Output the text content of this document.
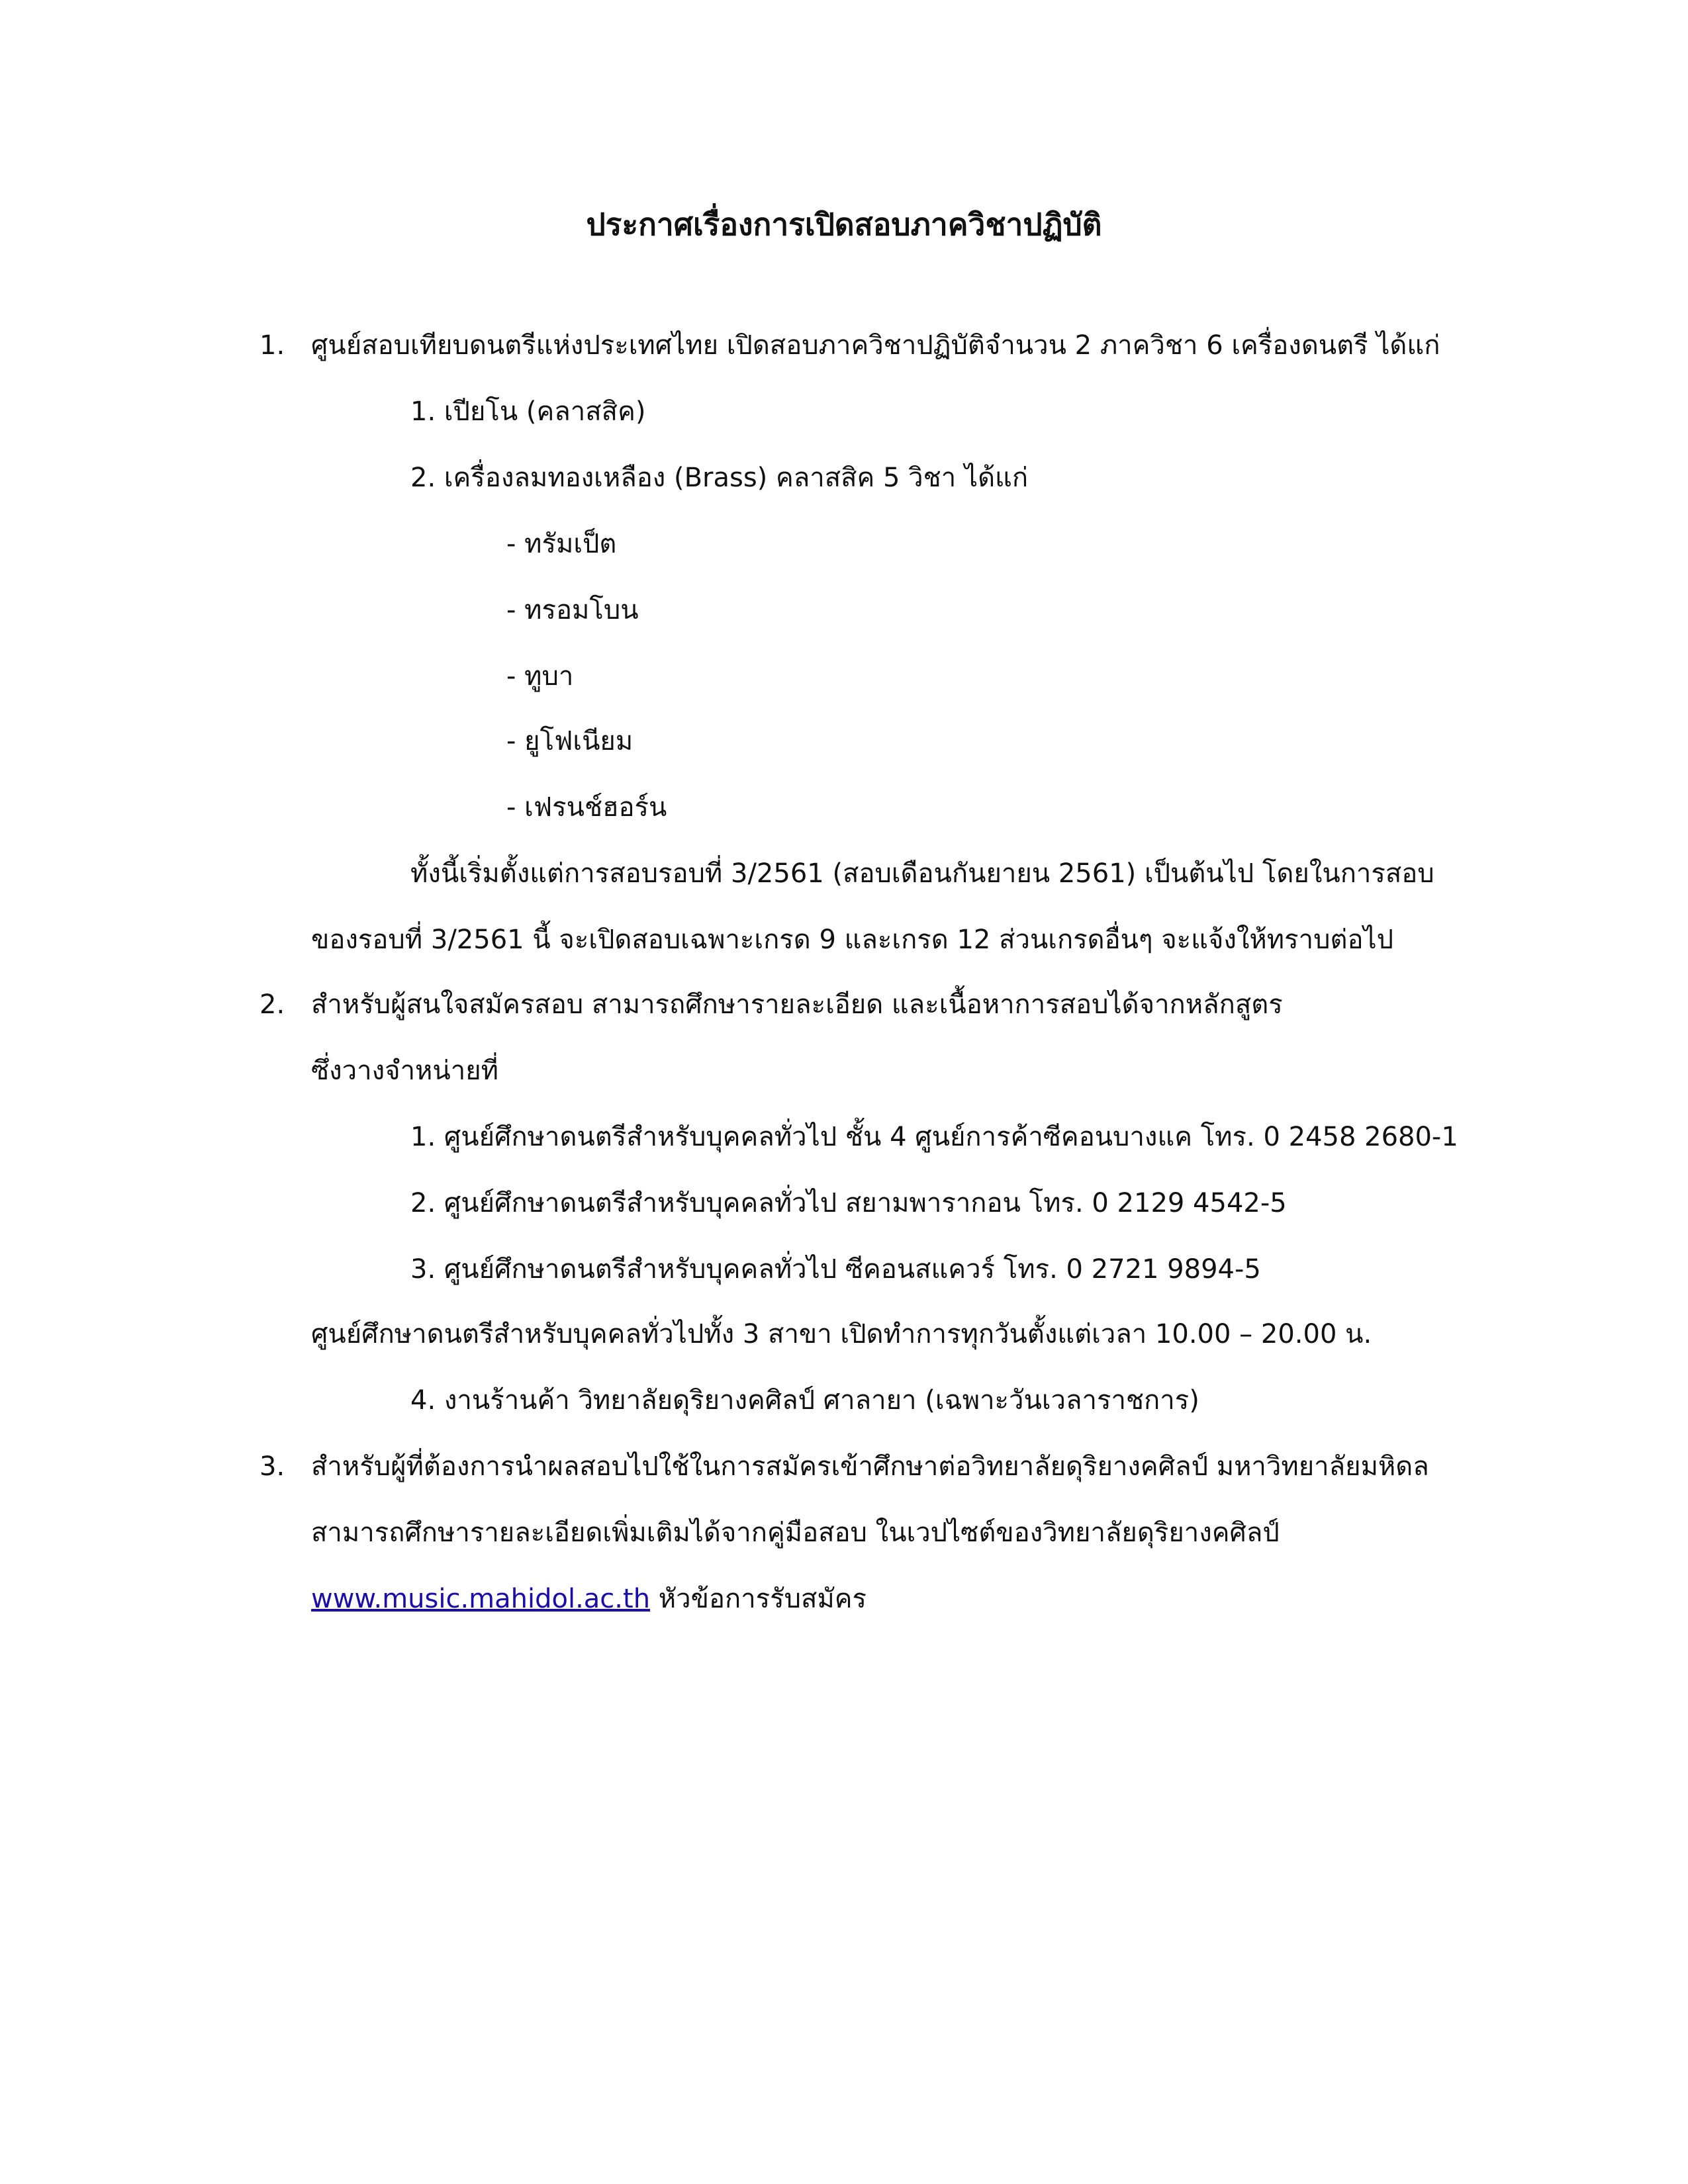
ประกาศเรื่องการเปิดสอบภาควิชาปฏิบัติ
1. ศูนย์สอบเทียบดนตรีแห่งประเทศไทย เปิดสอบภาควิชาปฏิบัติจำนวน 2 ภาควิชา 6 เครื่องดนตรี ได้แก่
1. เปียโน (คลาสสิค)
2. เครื่องลมทองเหลือง (Brass) คลาสสิค 5 วิชา ได้แก่
- ทรัมเป็ต
- ทรอมโบน
- ทูบา
- ยูโฟเนียม
- เฟรนช์ฮอร์น
ทั้งนี้เริ่มตั้งแต่การสอบรอบที่ 3/2561 (สอบเดือนกันยายน 2561) เป็นต้นไป โดยในการสอบ
ของรอบที่ 3/2561 นี้ จะเปิดสอบเฉพาะเกรด 9 และเกรด 12 ส่วนเกรดอื่นๆ จะแจ้งให้ทราบต่อไป
2. สำหรับผู้สนใจสมัครสอบ สามารถศึกษารายละเอียด และเนื้อหาการสอบได้จากหลักสูตร
ซึ่งวางจำหน่ายที่
1. ศูนย์ศึกษาดนตรีสำหรับบุคคลทั่วไป ชั้น 4 ศูนย์การค้าซีคอนบางแค โทร. 0 2458 2680-1
2. ศูนย์ศึกษาดนตรีสำหรับบุคคลทั่วไป สยามพารากอน โทร. 0 2129 4542-5
3. ศูนย์ศึกษาดนตรีสำหรับบุคคลทั่วไป ซีคอนสแควร์ โทร. 0 2721 9894-5
ศูนย์ศึกษาดนตรีสำหรับบุคคลทั่วไปทั้ง 3 สาขา เปิดทำการทุกวันตั้งแต่เวลา 10.00 – 20.00 น.
4. งานร้านค้า วิทยาลัยดุริยางคศิลป์ ศาลายา (เฉพาะวันเวลาราชการ)
3. สำหรับผู้ที่ต้องการนำผลสอบไปใช้ในการสมัครเข้าศึกษาต่อวิทยาลัยดุริยางคศิลป์ มหาวิทยาลัยมหิดล
สามารถศึกษารายละเอียดเพิ่มเติมได้จากคู่มือสอบ ในเวปไซต์ของวิทยาลัยดุริยางคศิลป์
www.music.mahidol.ac.th หัวข้อการรับสมัคร
